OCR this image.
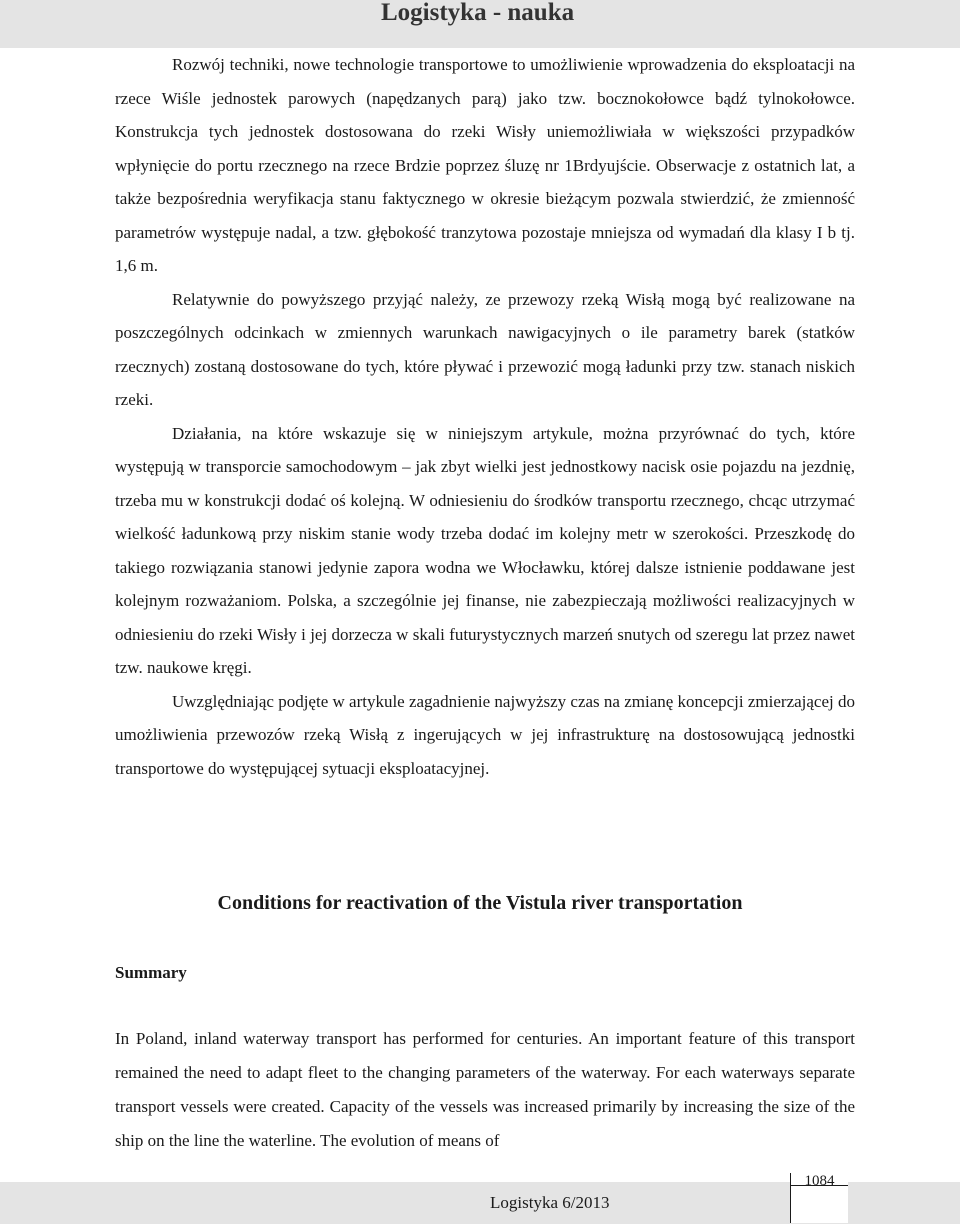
Logistyka - nauka

Rozwój techniki, nowe technologie transportowe to umożliwienie wprowadzenia do eksploatacji na rzece Wiśle jednostek parowych (napędzanych parą) jako tzw. bocznokołowce bądź tylnokołowce. Konstrukcja tych jednostek dostosowana do rzeki Wisły uniemożliwiała w większości przypadków wpłynięcie do portu rzecznego na rzece Brdzie poprzez śluzę nr 1Brdyujście. Obserwacje z ostatnich lat, a także bezpośrednia weryfikacja stanu faktycznego w okresie bieżącym pozwala stwierdzić, że zmienność parametrów występuje nadal, a tzw. głębokość tranzytowa pozostaje mniejsza od wymadań dla klasy I b tj. 1,6 m.

Relatywnie do powyższego przyjąć należy, ze przewozy rzeką Wisłą mogą być realizowane na poszczególnych odcinkach w zmiennych warunkach nawigacyjnych o ile parametry barek (statków rzecznych) zostaną dostosowane do tych, które pływać i przewozić mogą ładunki przy tzw. stanach niskich rzeki.

Działania, na które wskazuje się w niniejszym artykule, można przyrównać do tych, które występują w transporcie samochodowym – jak zbyt wielki jest jednostkowy nacisk osie pojazdu na jezdnię, trzeba mu w konstrukcji dodać oś kolejną. W odniesieniu do środków transportu rzecznego, chcąc utrzymać wielkość ładunkową przy niskim stanie wody trzeba dodać im kolejny metr w szerokości. Przeszkodę do takiego rozwiązania stanowi jedynie zapora wodna we Włocławku, której dalsze istnienie poddawane jest kolejnym rozważaniom. Polska, a szczególnie jej finanse, nie zabezpieczają możliwości realizacyjnych w odniesieniu do rzeki Wisły i jej dorzecza w skali futurystycznych marzeń snutych od szeregu lat przez nawet tzw. naukowe kręgi.

Uwzględniając podjęte w artykule zagadnienie najwyższy czas na zmianę koncepcji zmierzającej do umożliwienia przewozów rzeką Wisłą z ingerujących w jej infrastrukturę na dostosowującą jednostki transportowe do występującej sytuacji eksploatacyjnej.

Conditions for reactivation of the Vistula river transportation
Summary

In Poland, inland waterway transport has performed for centuries. An important feature of this transport remained the need to adapt fleet to the changing parameters of the waterway. For each waterways separate transport vessels were created. Capacity of the vessels was increased primarily by increasing the size of the ship on the line the waterline. The evolution of means of

Logistyka 6/2013
1084
